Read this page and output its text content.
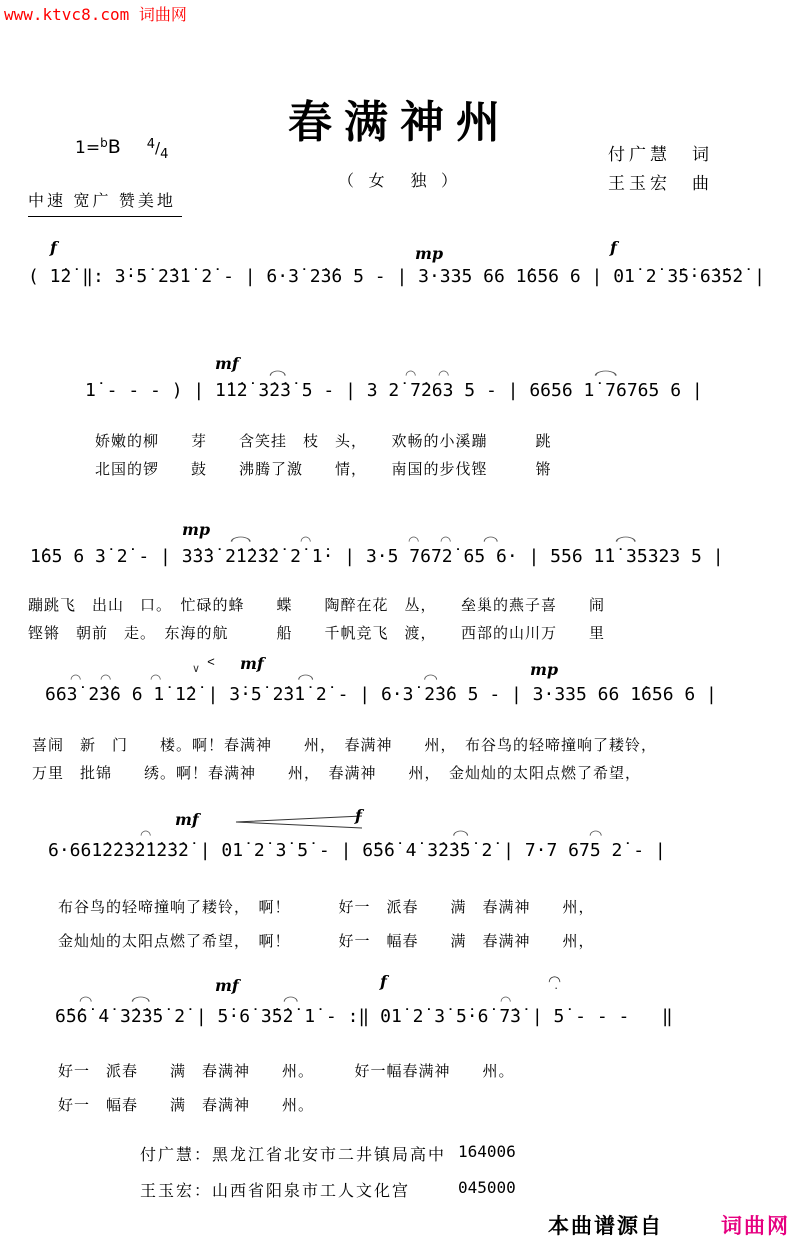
www.ktvc8.com 词曲网
春满神州
1=$^b$B $^4/_4$	付广慧　词
王玉宏　曲
（ 女　独 ）
中速 宽广 赞美地
f	mp	f
( 1̇2̇ ‖: 3̇·5̇ 2̇3̇1̇ 2̇ - | 6·3̇ 2̇3̇6 5 - | 3·335 66 1̇656 6 | 01̇ 2̇ 3̇5̇·6̇3̇5̇2̇ |
mf
◠
◠
◠
◠
1̇ - - - ) | 1̇1̇2̇ 3̇2̇3̇ 5 - | 3 2̇ 7̇263 5 - | 6656 1̇ 76765 6 |
娇嫩的柳　　芽　　含笑挂　枝　头，　　欢畅的小溪蹦　　　跳
北国的锣　　鼓　　沸腾了激　　情，　　南国的步伐铿　　　锵
mp
◠
◠
◠
◠
◠
◠
1̇65 6 3̇ 2̇ - | 3̇3̇3̇ 2̇1̇2̇3̇2̇ 2̇ 1̇· | 3·5 7672̇ 65 6· | 556 1̇1̇ 35323 5 |
蹦跳飞　出山　口。　忙碌的蜂　　蝶　　陶醉在花　丛，　　垒巢的燕子喜　　闹
铿锵　朝前　走。　东海的航　　　船　　千帆竞飞　渡，　　西部的山川万　　里
◠
◠
◠
∨
<
mf ◠ ◠	mp
663̇ 2̇3̇6 6 1̇ 1̇2̇ | 3̇·5̇ 2̇3̇1̇ 2̇ - | 6·3̇ 2̇3̇6 5 - | 3·335 66 1̇656 6 |
喜闹　新　门　　楼。啊！春满神　　州，　春满神　　州，　布谷鸟的轻啼撞响了耧铃，
万里　批锦　　绣。啊！春满神　　州，　春满神　　州，　金灿灿的太阳点燃了希望，
◠
mf	f
◠
◠
6·661̇2̇2̇3̇2̇1̇2̇3̇2̇ | 01̇ 2̇ 3̇ 5̇ - | 6̇5̇6̇ 4̇ 3̇2̇3̇5̇ 2̇ | 7·7 675 2̇ - |
布谷鸟的轻啼撞响了耧铃，　啊！　　　好一　派春　　满　春满神　　州，
金灿灿的太阳点燃了希望，　啊！　　　好一　幅春　　满　春满神　　州，
◠
◠
mf
◠	f
◠
◠ ·
6̇5̇6̇ 4̇ 3̇2̇3̇5̇ 2̇ | 5̇·6̇ 3̇5̇2̇ 1̇ - :‖ 01̇ 2̇ 3̇ 5̇·6̇ 7̇3̇ | 5̇ - - -   ‖
好一　派春　　满　春满神　　州。　　　好一幅春满神　　州。
好一　幅春　　满　春满神　　州。
付广慧：黑龙江省北安市二井镇局高中 164006
王玉宏：山西省阳泉市工人文化宫	045000
本曲谱源自	词曲网
